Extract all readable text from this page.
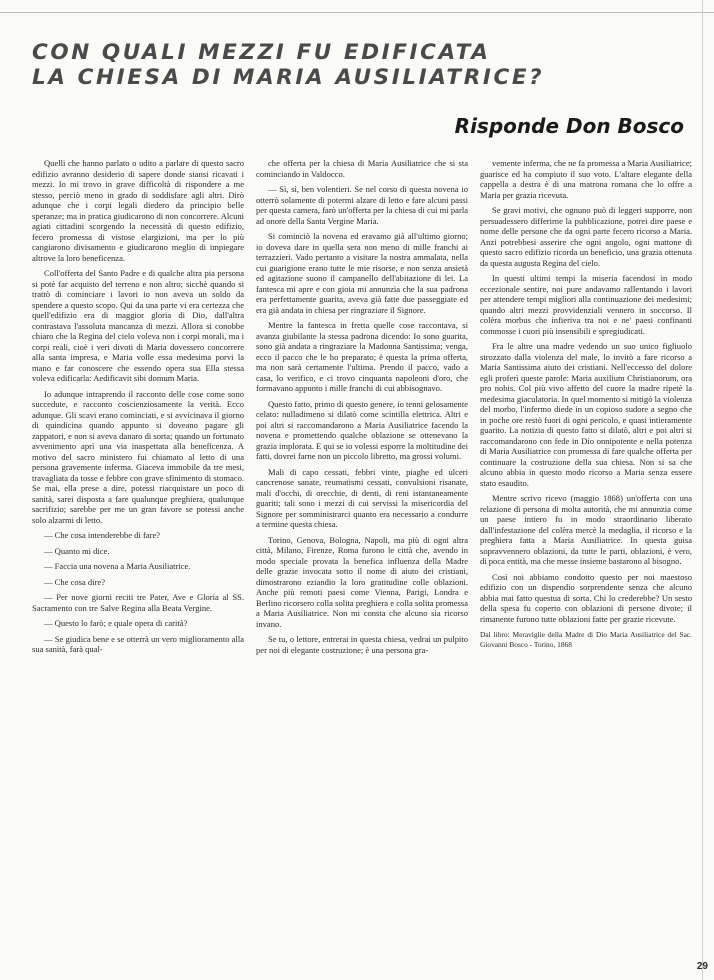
CON QUALI MEZZI FU EDIFICATA
LA CHIESA DI MARIA AUSILIATRICE?
Risponde Don Bosco

Quelli che hanno parlato o udito a parlare di questo sacro edifizio avranno desiderio di sapere donde siansi ricavati i mezzi. Io mi trovo in grave difficoltà di rispondere a me stesso, perciò meno in grado di soddisfare agli altri. Dirò adunque che i corpi legali diedero da principio belle speranze; ma in pratica giudicarono di non concorrere. Alcuni agiati cittadini scorgendo la necessità di questo edifizio, fecero promessa di vistose elargizioni, ma per lo più cangiarono divisamento e giudicarono meglio di impiegare altrove la loro beneficenza.

Coll'offerta del Santo Padre e di qualche altra pia persona si potè far acquisto del terreno e non altro; sicchè quando si trattò di cominciare i lavori io non aveva un soldo da spendere a questo scopo. Qui da una parte vi era certezza che quell'edifizio era di maggior gloria di Dio, dall'altra contrastava l'assoluta mancanza di mezzi. Allora si conobbe chiaro che la Regina del cielo voleva non i corpi morali, ma i corpi reali, cioè i veri divoti di Maria dovessero concorrere alla santa impresa, e Maria volle essa medesima porvi la mano e far conoscere che essendo opera sua Ella stessa voleva edificarla: Aedificavit sibi domum Maria.

Io adunque intraprendo il racconto delle cose come sono succedute, e racconto coscienziosamente la verità. Ecco adunque. Gli scavi erano cominciati, e si avvicinava il giorno di quindicina quando appunto si doveano pagare gli zappatori, e non si aveva danaro di sorta; quando un fortunato avvenimento aprì una via inaspettata alla beneficenza. A motivo del sacro ministero fui chiamato al letto di una persona gravemente inferma. Giaceva immobile da tre mesi, travagliata da tosse e febbre con grave sfinimento di stomaco. Se mai, ella prese a dire, potessi riacquistare un poco di sanità, sarei disposta a fare qualunque preghiera, qualunque sacrifizio; sarebbe per me un gran favore se potessi anche solo alzarmi di letto.

— Che cosa intenderebbe di fare?

— Quanto mi dice.

— Faccia una novena a Maria Ausiliatrice.

— Che cosa dire?

— Per nove giorni reciti tre Pater, Ave e Gloria al SS. Sacramento con tre Salve Regina alla Beata Vergine.

— Questo lo farò; e quale opera di carità?

— Se giudica bene e se otterrà un vero miglioramento alla sua sanità, farà qual-

che offerta per la chiesa di Maria Ausiliatrice che si sta cominciando in Valdocco.

— Sì, sì, ben volentieri. Se nel corso di questa novena io otterrò solamente di potermi alzare di letto e fare alcuni passi per questa camera, farò un'offerta per la chiesa di cui mi parla ad onore della Santa Vergine Maria.

Si cominciò la novena ed eravamo già all'ultimo giorno; io doveva dare in quella sera non meno di mille franchi ai terrazzieri. Vado pertanto a visitare la nostra ammalata, nella cui guarigione erano tutte le mie risorse, e non senza ansietà ed agitazione suono il campanello dell'abitazione di lei. La fantesca mi apre e con gioia mi annunzia che la sua padrona era perfettamente guarita, aveva già fatte due passeggiate ed era già andata in chiesa per ringraziare il Signore.

Mentre la fantesca in fretta quelle cose raccontava, si avanza giubilante la stessa padrona dicendo: Io sono guarita, sono già andata a ringraziare la Madonna Santissima; venga, ecco il pacco che le ho preparato; è questa la prima offerta, ma non sarà certamente l'ultima. Prendo il pacco, vado a casa, lo verifico, e ci trovo cinquanta napoleoni d'oro, che formavano appunto i mille franchi di cui abbisognavo.

Questo fatto, primo di questo genere, io tenni gelosamente celato: nulladimeno si dilatò come scintilla elettrica. Altri e poi altri si raccomandarono a Maria Ausiliatrice facendo la novena e promettendo qualche oblazione se ottenevano la grazia implorata. E qui se io volessi esporre la moltitudine dei fatti, dovrei farne non un piccolo libretto, ma grossi volumi.

Mali di capo cessati, febbri vinte, piaghe ed ulceri cancrenose sanate, reumatismi cessati, convulsioni risanate, mali d'occhi, di orecchie, di denti, di reni istantaneamente guariti; tali sono i mezzi di cui servissi la misericordia del Signore per somministrarci quanto era necessario a condurre a termine questa chiesa.

Torino, Genova, Bologna, Napoli, ma più di ogni altra città, Milano, Firenze, Roma furono le città che, avendo in modo speciale provata la benefica influenza della Madre delle grazie invocata sotto il nome di aiuto dei cristiani, dimostrarono eziandio la loro gratitudine colle oblazioni. Anche più remoti paesi come Vienna, Parigi, Londra e Berlino ricorsero colla solita preghiera e colla solita promessa a Maria Ausiliatrice. Non mi consta che alcuno sia ricorso invano.

Se tu, o lettore, entrerai in questa chiesa, vedrai un pulpito per noi di elegante costruzione; è una persona gra-

vemente inferma, che ne fa promessa a Maria Ausiliatrice; guarisce ed ha compiuto il suo voto. L'altare elegante della cappella a destra è di una matrona romana che lo offre a Maria per grazia ricevuta.

Se gravi motivi, che ognuno può di leggeri supporre, non persuadessero differirne la pubblicazione, potrei dire paese e nome delle persone che da ogni parte fecero ricorso a Maria. Anzi potrebbesi asserire che ogni angolo, ogni mattone di questo sacro edifizio ricorda un beneficio, una grazia ottenuta da questa augusta Regina del cielo.

In questi ultimi tempi la miseria facendosi in modo eccezionale sentire, noi pure andavamo rallentando i lavori per attendere tempi migliori alla continuazione dei medesimi; quando altri mezzi provvidenziali vennero in soccorso. Il colèra morbus che infieriva tra noi e ne' paesi confinanti commosse i cuori più insensibili e spregiudicati.

Fra le altre una madre vedendo un suo unico figliuolo strozzato dalla violenza del male, lo invitò a fare ricorso a Maria Santissima aiuto dei cristiani. Nell'eccesso del dolore egli proferì queste parole: Maria auxilium Christianorum, ora pro nobis. Col più vivo affetto del cuore la madre ripetè la medesima giaculatoria. In quel momento si mitigò la violenza del morbo, l'infermo diede in un copioso sudore a segno che in poche ore restò fuori di ogni pericolo, e quasi intieramente guarito. La notizia di questo fatto si dilatò, altri e poi altri si raccomandarono con fede in Dio onnipotente e nella potenza di Maria Ausiliatrice con promessa di fare qualche offerta per continuare la costruzione della sua chiesa. Non si sa che alcuno abbia in questo modo ricorso a Maria senza essere stato esaudito.

Mentre scrivo ricevo (maggio 1868) un'offerta con una relazione di persona di molta autorità, che mi annunzia come un paese intiero fu in modo straordinario liberato dall'infestazione del colèra mercè la medaglia, il ricorso e la preghiera fatta a Maria Ausiliatrice. In questa guisa sopravvennero oblazioni, da tutte le parti, oblazioni, è vero, di poca entità, ma che messe insieme bastarono al bisogno.

Così noi abbiamo condotto questo per noi maestoso edifizio con un dispendio sorprendente senza che alcuno abbia mai fatto questua di sorta. Chi lo crederebbe? Un sesto della spesa fu coperto con oblazioni di persone divote; il rimanente furono tutte oblazioni fatte per grazie ricevute.

Dal libro: Meraviglie della Madre di Dio Maria Ausiliatrice del Sac. Giovanni Bosco - Torino, 1868

29
